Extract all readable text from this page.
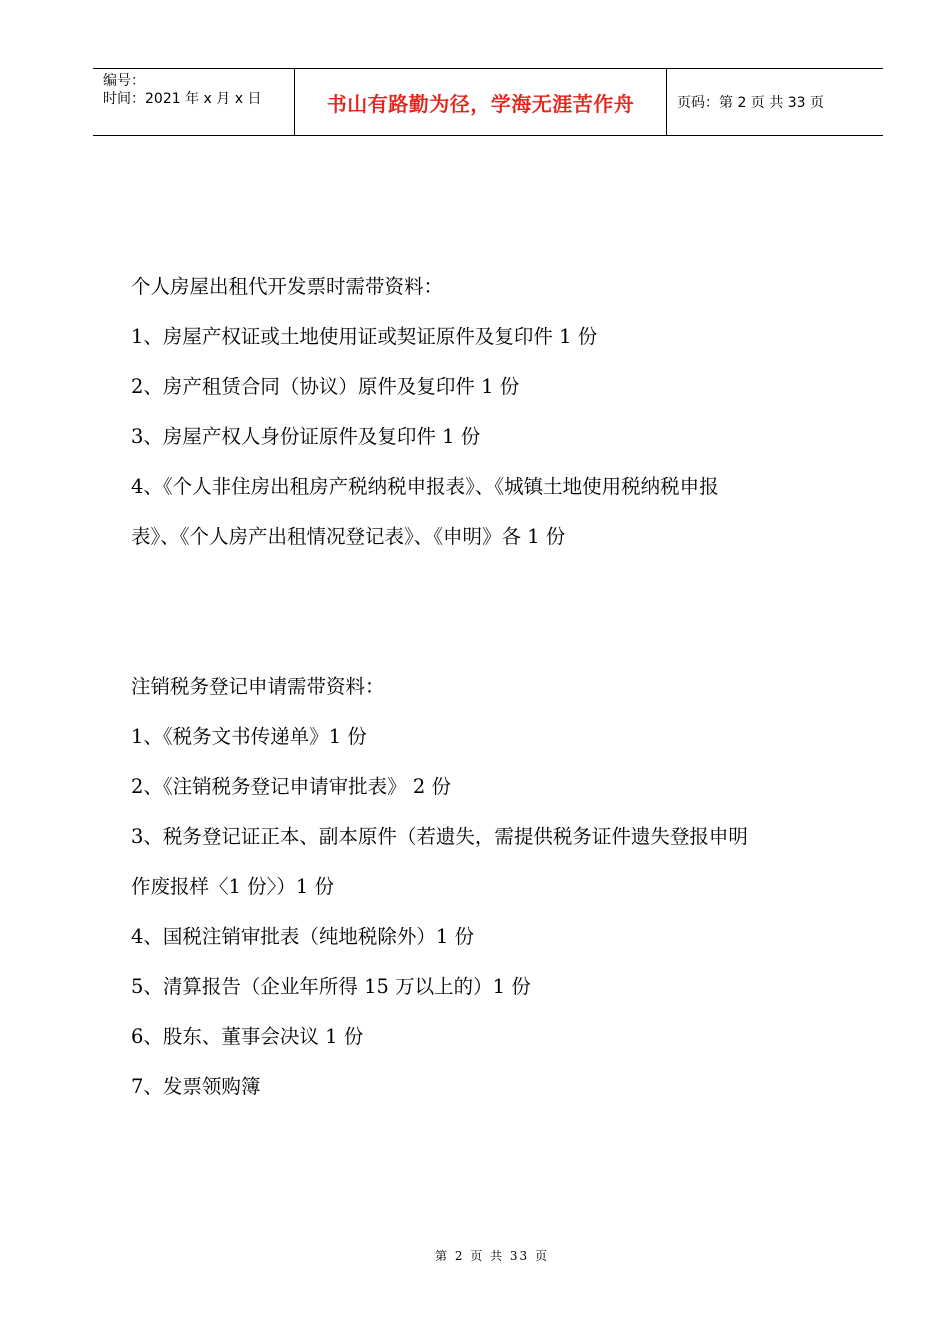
编号：
时间：2021 年 x 月 x 日	书山有路勤为径，学海无涯苦作舟	页码：第 2 页 共 33 页
个人房屋出租代开发票时需带资料：
1、房屋产权证或土地使用证或契证原件及复印件 1 份
2、房产租赁合同（协议）原件及复印件 1 份
3、房屋产权人身份证原件及复印件 1 份
4、《个人非住房出租房产税纳税申报表》、《城镇土地使用税纳税申报
表》、《个人房产出租情况登记表》、《申明》各 1 份
注销税务登记申请需带资料：
1、《税务文书传递单》1 份
2、《注销税务登记申请审批表》 2 份
3、税务登记证正本、副本原件（若遗失，需提供税务证件遗失登报申明
作废报样〈1 份〉）1 份
4、国税注销审批表（纯地税除外）1 份
5、清算报告（企业年所得 15 万以上的）1 份
6、股东、董事会决议 1 份
7、发票领购簿
第 2 页 共 33 页
